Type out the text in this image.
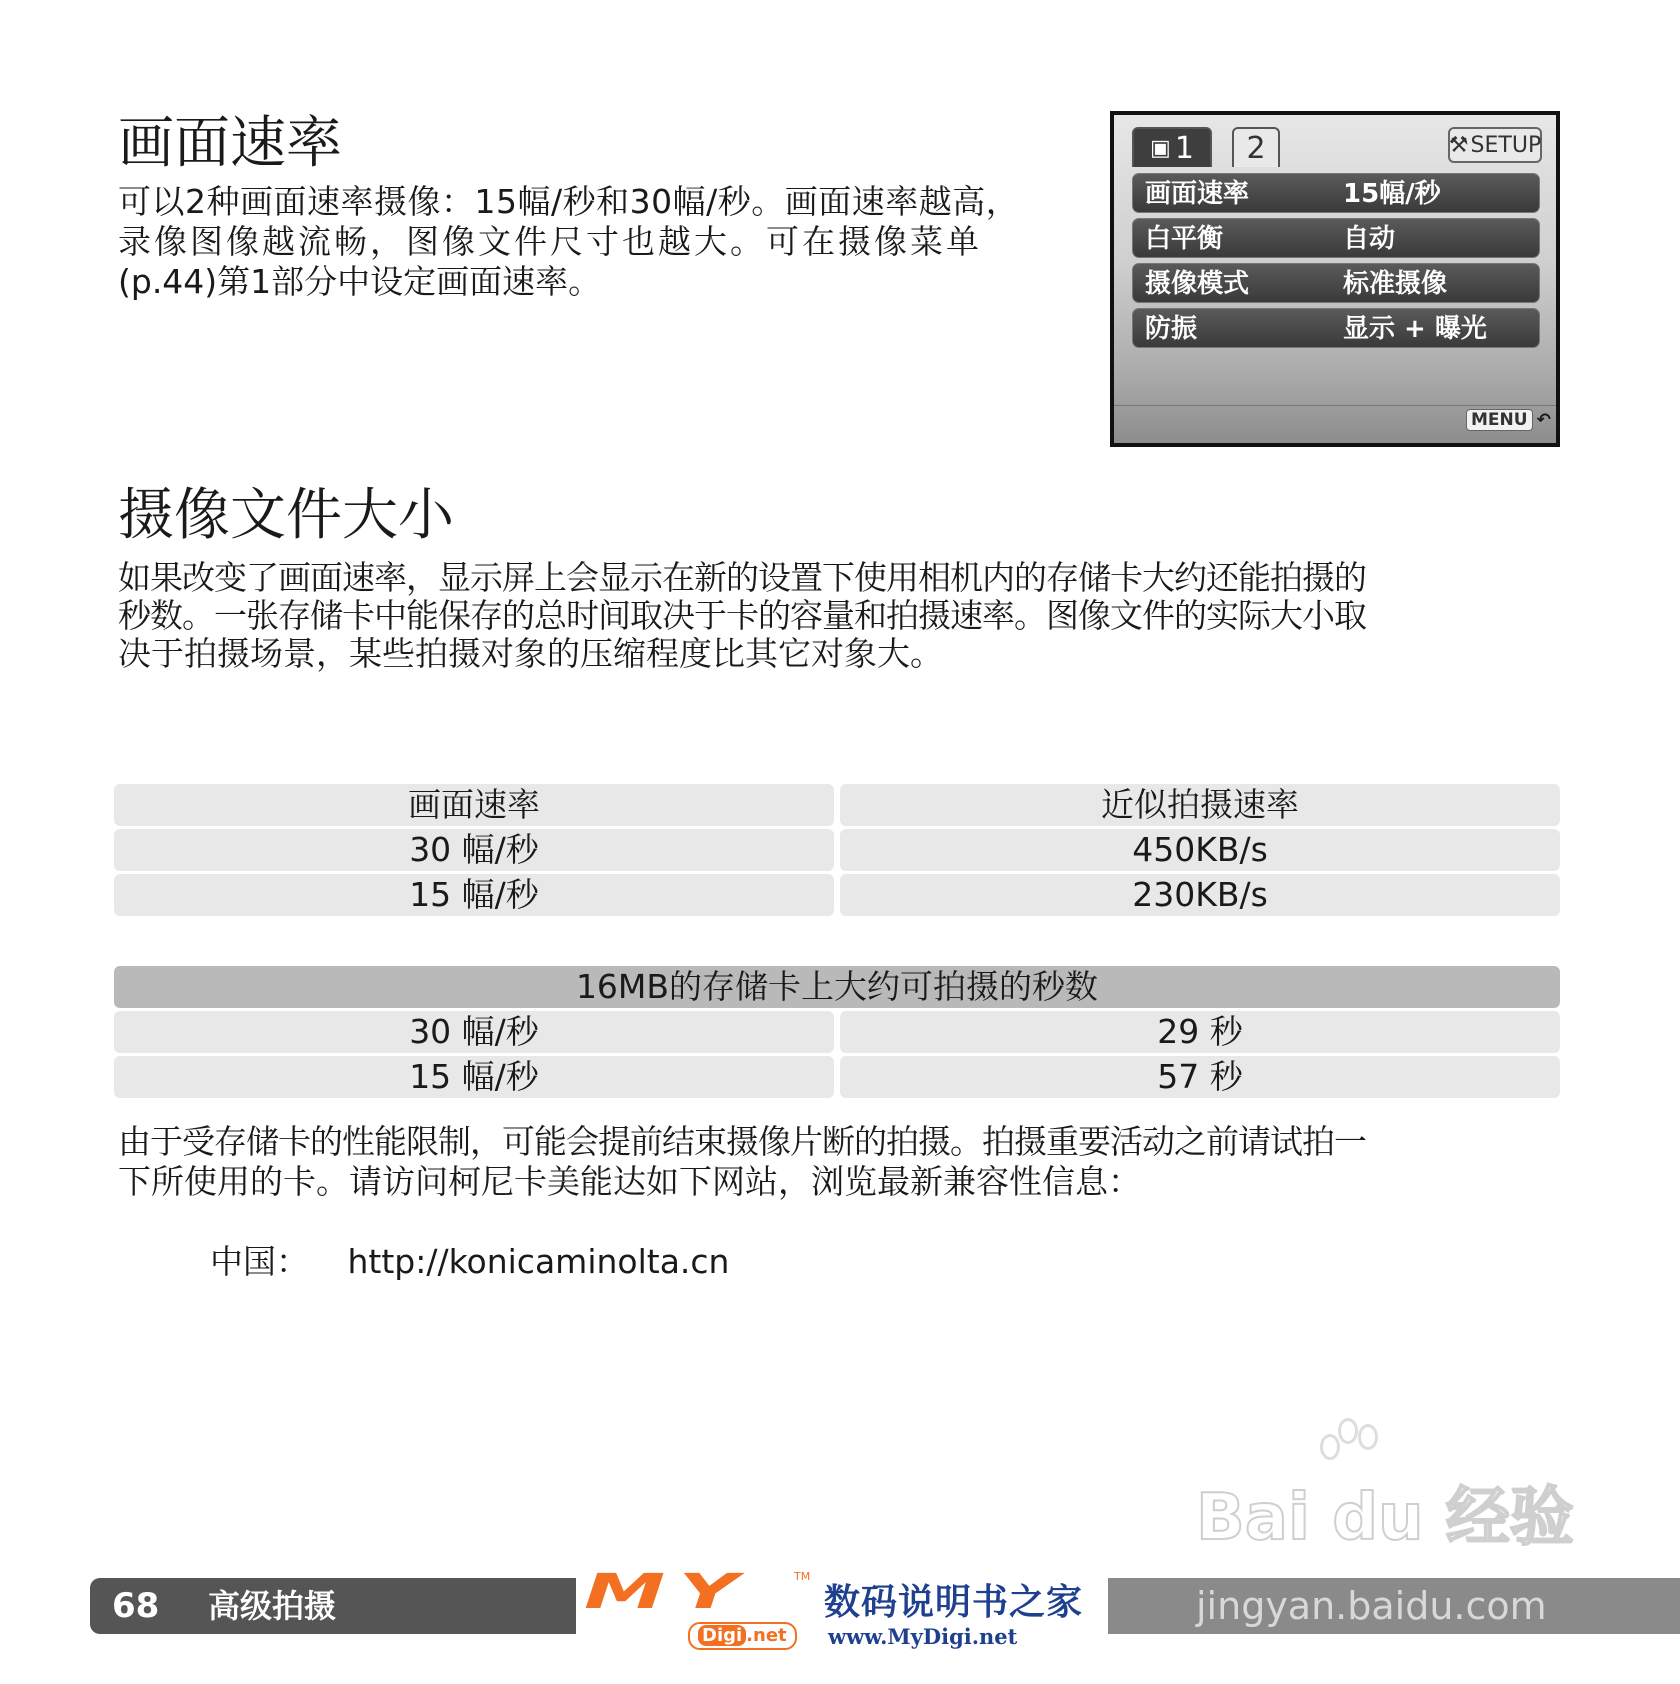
画面速率

可以2种画面速率摄像：15幅/秒和30幅/秒。画面速率越高，

录像图像越流畅，图像文件尺寸也越大。可在摄像菜单

(p.44)第1部分中设定画面速率。

▣ 1	2	⚒ SETUP
画面速率	15幅/秒
白平衡	自动
摄像模式	标准摄像
防振	显示 + 曝光
MENU ↶
摄像文件大小

如果改变了画面速率，显示屏上会显示在新的设置下使用相机内的存储卡大约还能拍摄的

秒数。一张存储卡中能保存的总时间取决于卡的容量和拍摄速率。图像文件的实际大小取

决于拍摄场景，某些拍摄对象的压缩程度比其它对象大。

画面速率	近似拍摄速率
30 幅/秒	450KB/s
15 幅/秒	230KB/s
16MB的存储卡上大约可拍摄的秒数
30 幅/秒	29 秒
15 幅/秒	57 秒

由于受存储卡的性能限制，可能会提前结束摄像片断的拍摄。拍摄重要活动之前请试拍一

下所使用的卡。请访问柯尼卡美能达如下网站，浏览最新兼容性信息：

中国： http://konicaminolta.cn
Bai du 经验
68 高级拍摄	jingyan.baidu.com
MY	TM
Digi .net
数码说明书之家
www.MyDigi.net
